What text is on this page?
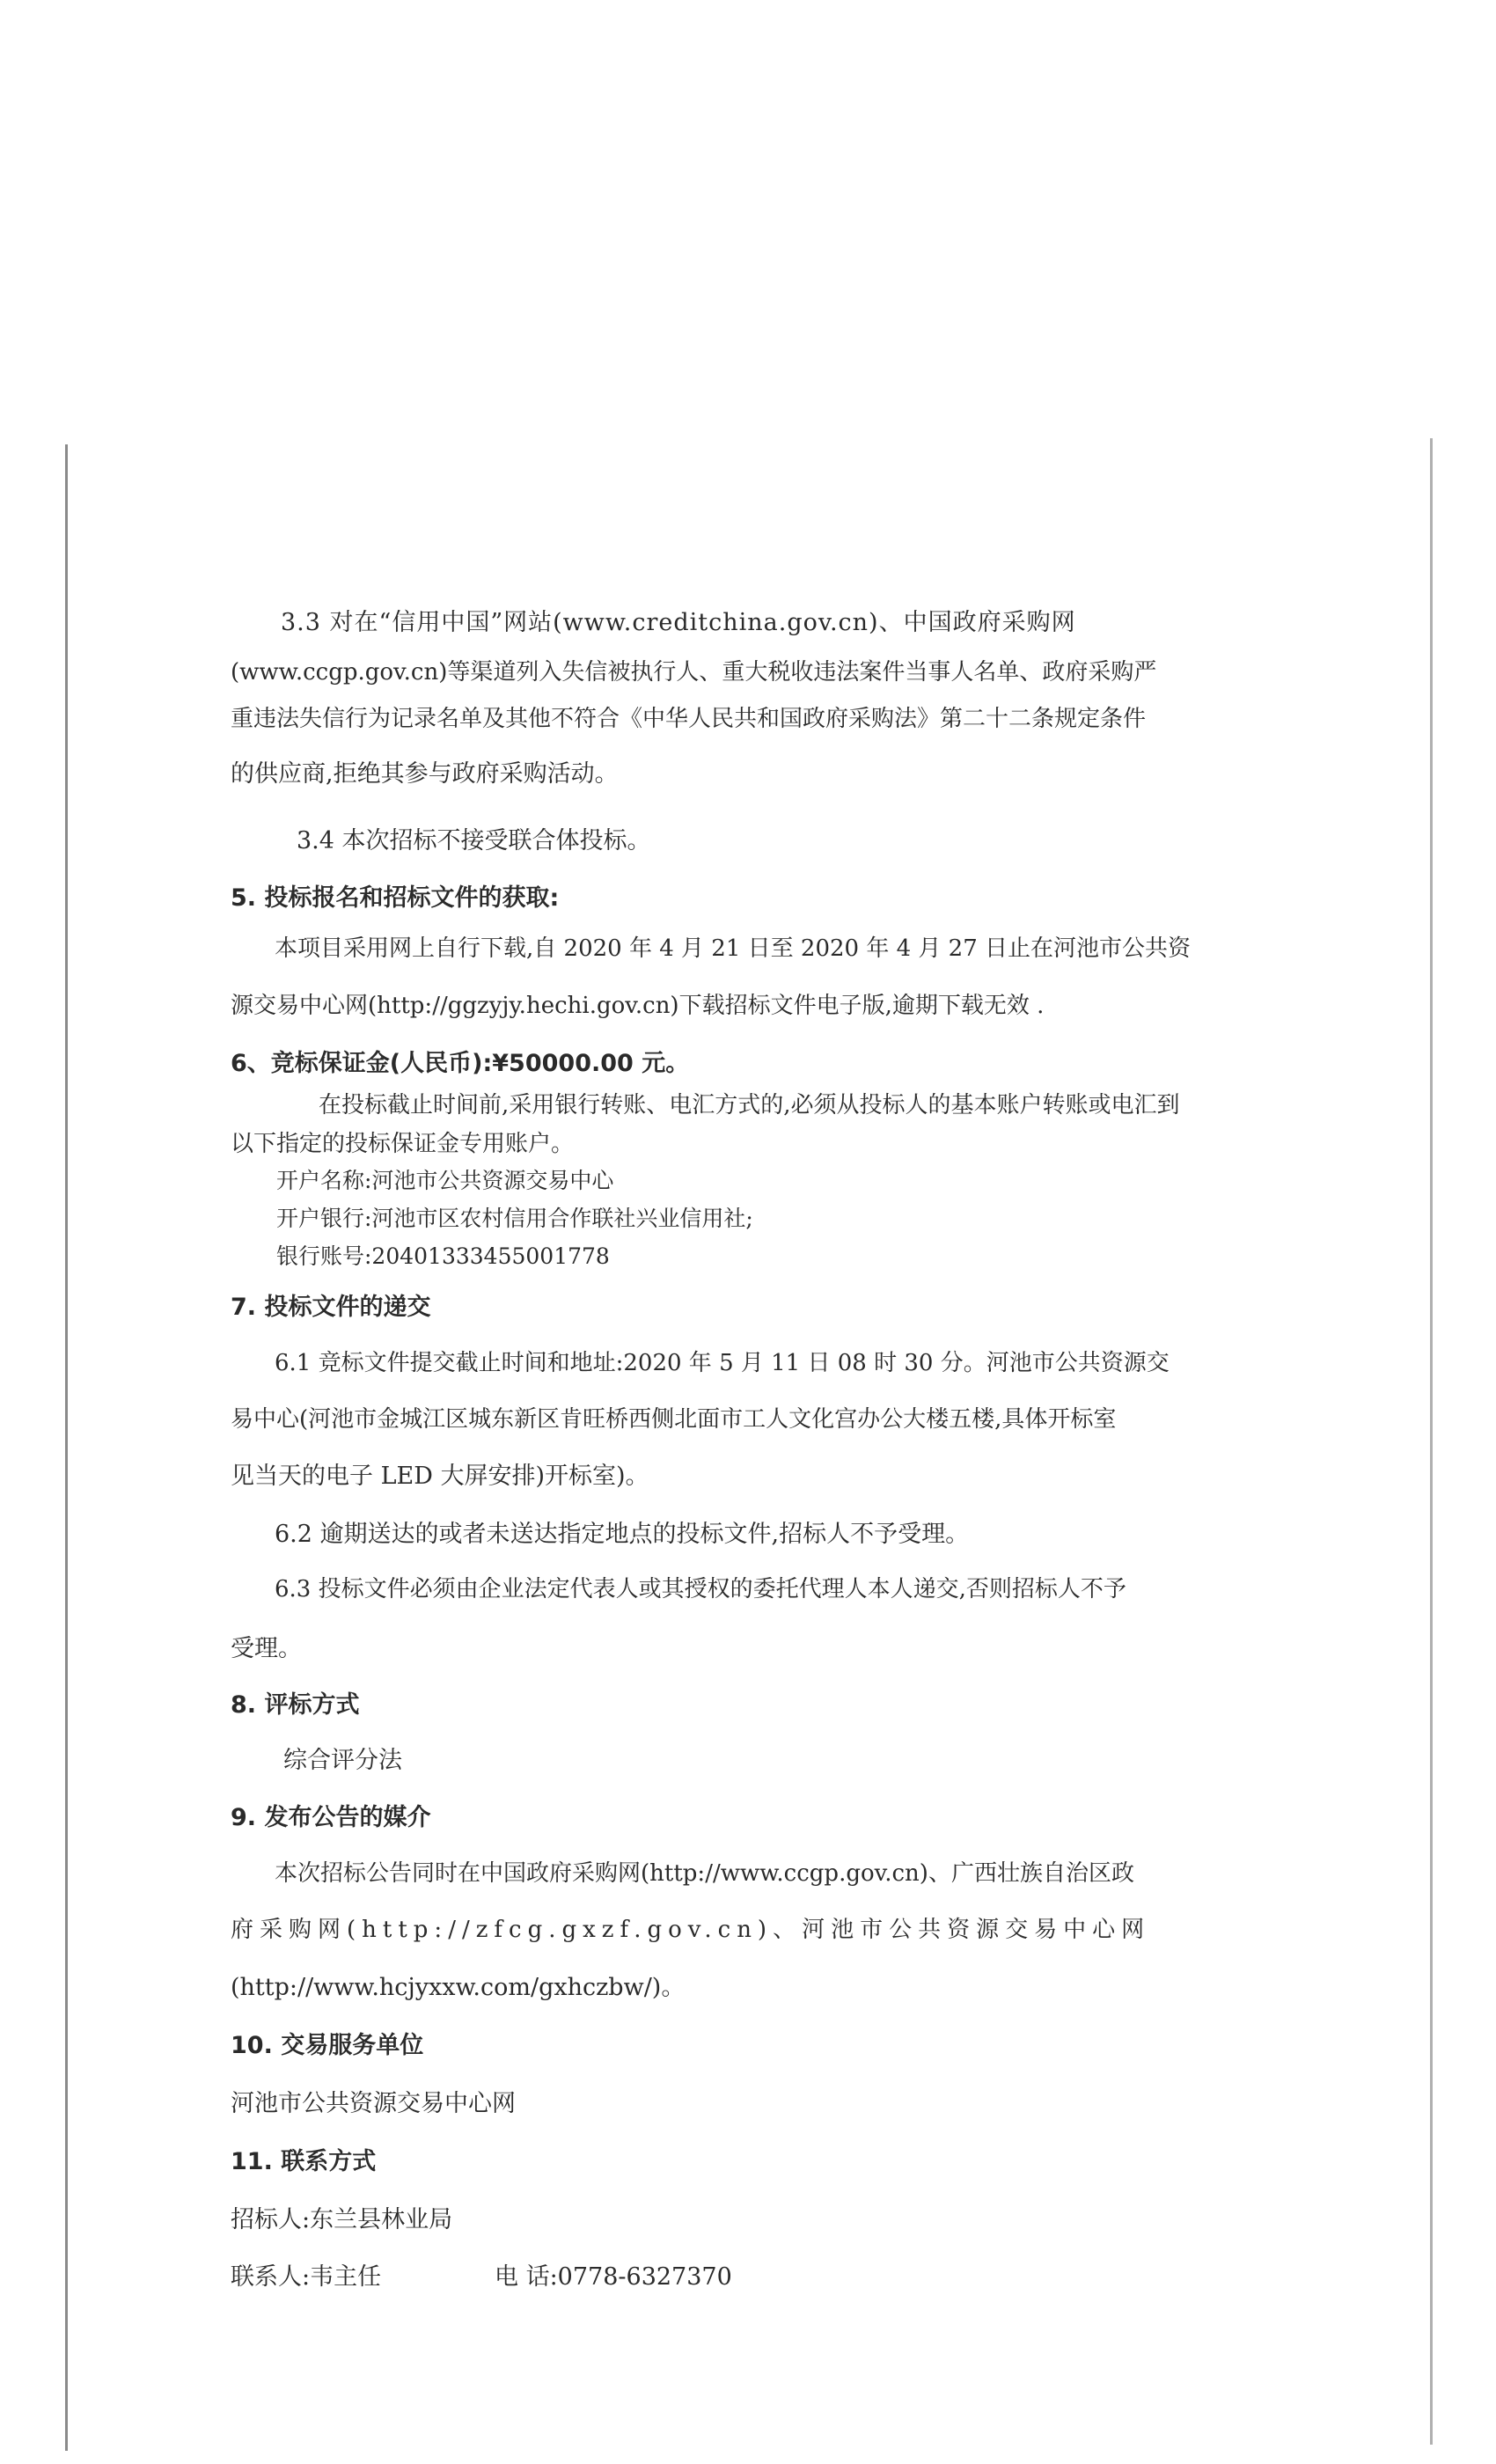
3.3 对在“信用中国”网站(www.creditchina.gov.cn)、中国政府采购网
(www.ccgp.gov.cn)等渠道列入失信被执行人、重大税收违法案件当事人名单、政府采购严
重违法失信行为记录名单及其他不符合《中华人民共和国政府采购法》第二十二条规定条件
的供应商,拒绝其参与政府采购活动。
3.4 本次招标不接受联合体投标。
5. 投标报名和招标文件的获取:
本项目采用网上自行下载,自 2020 年 4 月 21 日至 2020 年 4 月 27 日止在河池市公共资
源交易中心网(http://ggzyjy.hechi.gov.cn)下载招标文件电子版,逾期下载无效 .
6、竞标保证金(人民币):¥50000.00 元。
在投标截止时间前,采用银行转账、电汇方式的,必须从投标人的基本账户转账或电汇到
以下指定的投标保证金专用账户。
开户名称:河池市公共资源交易中心
开户银行:河池市区农村信用合作联社兴业信用社;
银行账号:20401333455001778
7. 投标文件的递交
6.1 竞标文件提交截止时间和地址:2020 年 5 月 11 日 08 时 30 分。河池市公共资源交
易中心(河池市金城江区城东新区肯旺桥西侧北面市工人文化宫办公大楼五楼,具体开标室
见当天的电子 LED 大屏安排)开标室)。
6.2 逾期送达的或者未送达指定地点的投标文件,招标人不予受理。
6.3 投标文件必须由企业法定代表人或其授权的委托代理人本人递交,否则招标人不予
受理。
8. 评标方式
综合评分法
9. 发布公告的媒介
本次招标公告同时在中国政府采购网(http://www.ccgp.gov.cn)、广西壮族自治区政
府采购网(http://zfcg.gxzf.gov.cn)、河池市公共资源交易中心网
(http://www.hcjyxxw.com/gxhczbw/)。
10. 交易服务单位
河池市公共资源交易中心网
11. 联系方式
招标人:东兰县林业局
联系人:韦主任	电 话:0778-6327370
